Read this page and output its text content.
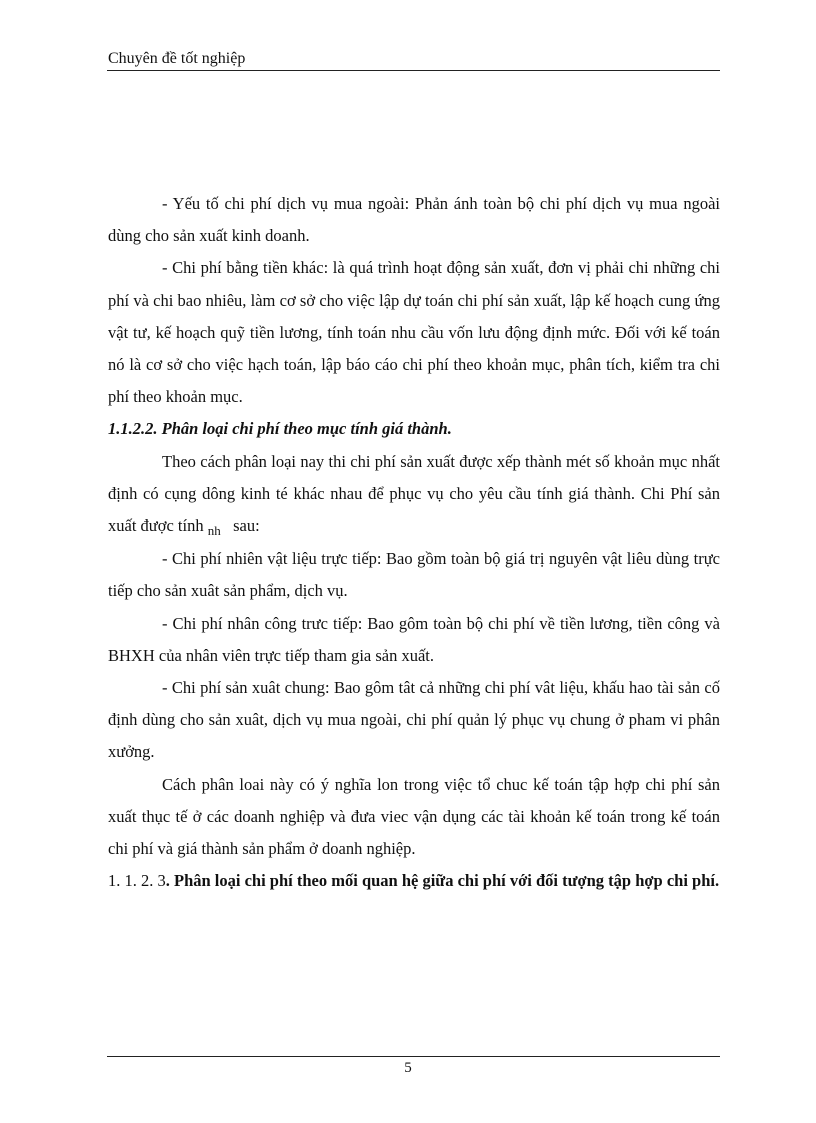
Chuyên đề tốt nghiệp

- Yếu tố chi phí dịch vụ mua ngoài: Phản ánh toàn bộ chi phí dịch vụ mua ngoài dùng cho sản xuất kinh doanh.

- Chi phí bằng tiền khác: là quá trình hoạt động sản xuất, đơn vị phải chi những chi phí và chi bao nhiêu, làm cơ sở cho việc lập dự toán chi phí sản xuất, lập kế hoạch cung ứng vật tư, kế hoạch quỹ tiền lương, tính toán nhu cầu vốn lưu động định mức. Đối với kế toán nó là cơ sở cho việc hạch toán, lập báo cáo chi phí theo khoản mục, phân tích, kiểm tra chi phí theo khoản mục.

1.1.2.2. Phân loại chi phí theo mục tính giá thành.

Theo cách phân loại nay thi chi phí sản xuất được xếp thành mét số khoản mục nhất định có cụng dông kinh té khác nhau để phục vụ cho yêu cầu tính giá thành. Chi Phí sản xuất được tính $_{nh}$ sau:

- Chi phí nhiên vật liệu trực tiếp: Bao gồm toàn bộ giá trị nguyên vật liêu dùng trực tiếp cho sản xuât sản phẩm, dịch vụ.

- Chi phí nhân công trưc tiếp: Bao gôm toàn bộ chi phí về tiền lương, tiền công và BHXH của nhân viên trực tiếp tham gia sản xuất.

- Chi phí sản xuât chung: Bao gôm tât cả những chi phí vât liệu, khấu hao tài sản cố định dùng cho sản xuât, dịch vụ mua ngoài, chi phí quản lý phục vụ chung ở pham vi phân xưởng.

Cách phân loai này có ý nghĩa lon trong việc tổ chuc kế toán tập hợp chi phí sản xuất thục tế ở các doanh nghiệp và đưa viec vận dụng các tài khoản kế toán trong kế toán chi phí và giá thành sản phẩm ở doanh nghiệp.

1. 1. 2. 3. Phân loại chi phí theo mối quan hệ giữa chi phí với đối tượng tập hợp chi phí.

5
